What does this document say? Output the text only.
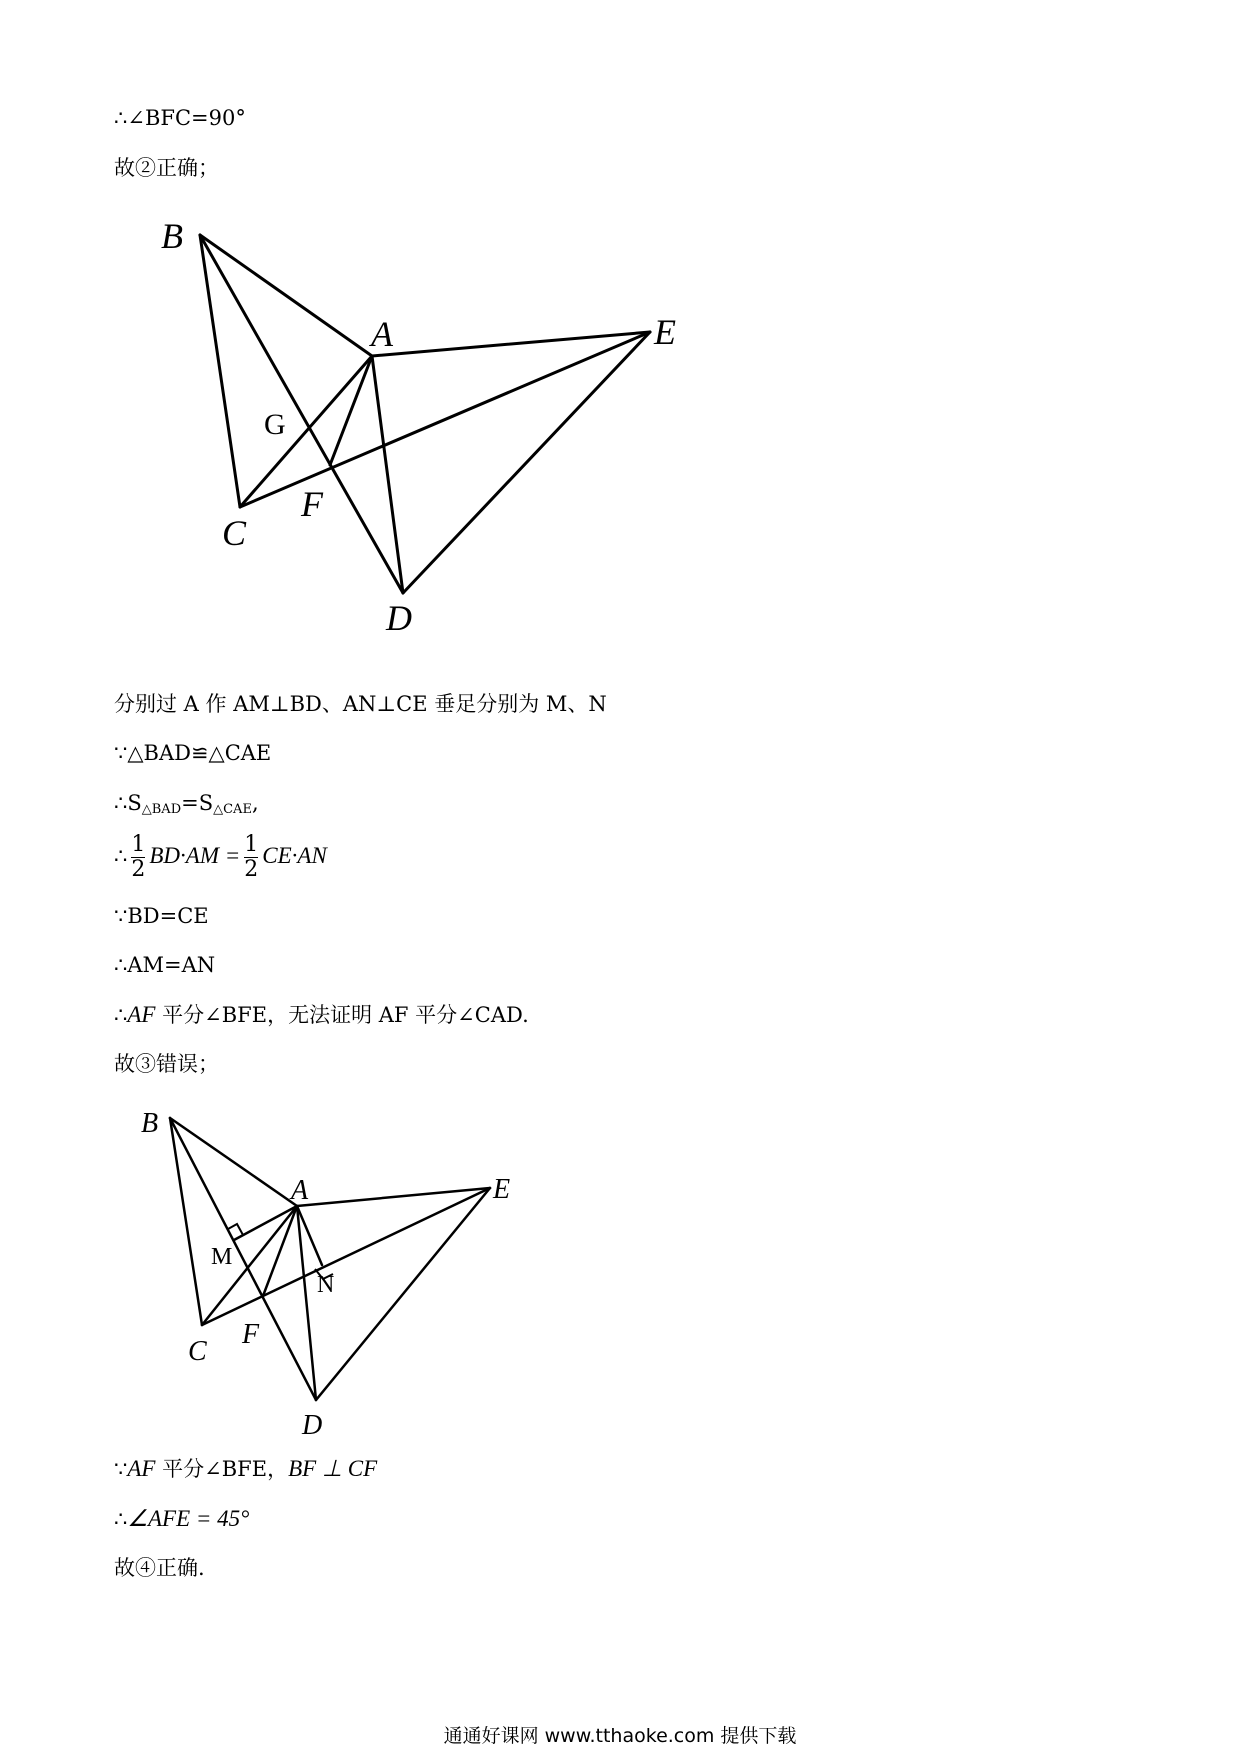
∴∠BFC=90°
故②正确；
B
A	E
G
C
F
D
分别过 A 作 AM⊥BD、AN⊥CE 垂足分别为 M、N
∵△BAD≌△CAE
$\therefore S_{\triangle BAD}=S_{\triangle CAE}$,
∴ $\frac{1}{2} BD\cdot AM = \frac{1}{2} CE\cdot AN$
∵BD=CE
∴AM=AN
∴AF 平分∠BFE，无法证明 AF 平分∠CAD.
故③错误；
B
A	E
M
N
C
F
D
∵AF 平分∠BFE，BF ⊥ CF
∴∠AFE = 45°
故④正确.
通通好课网 www.tthaoke.com 提供下载
